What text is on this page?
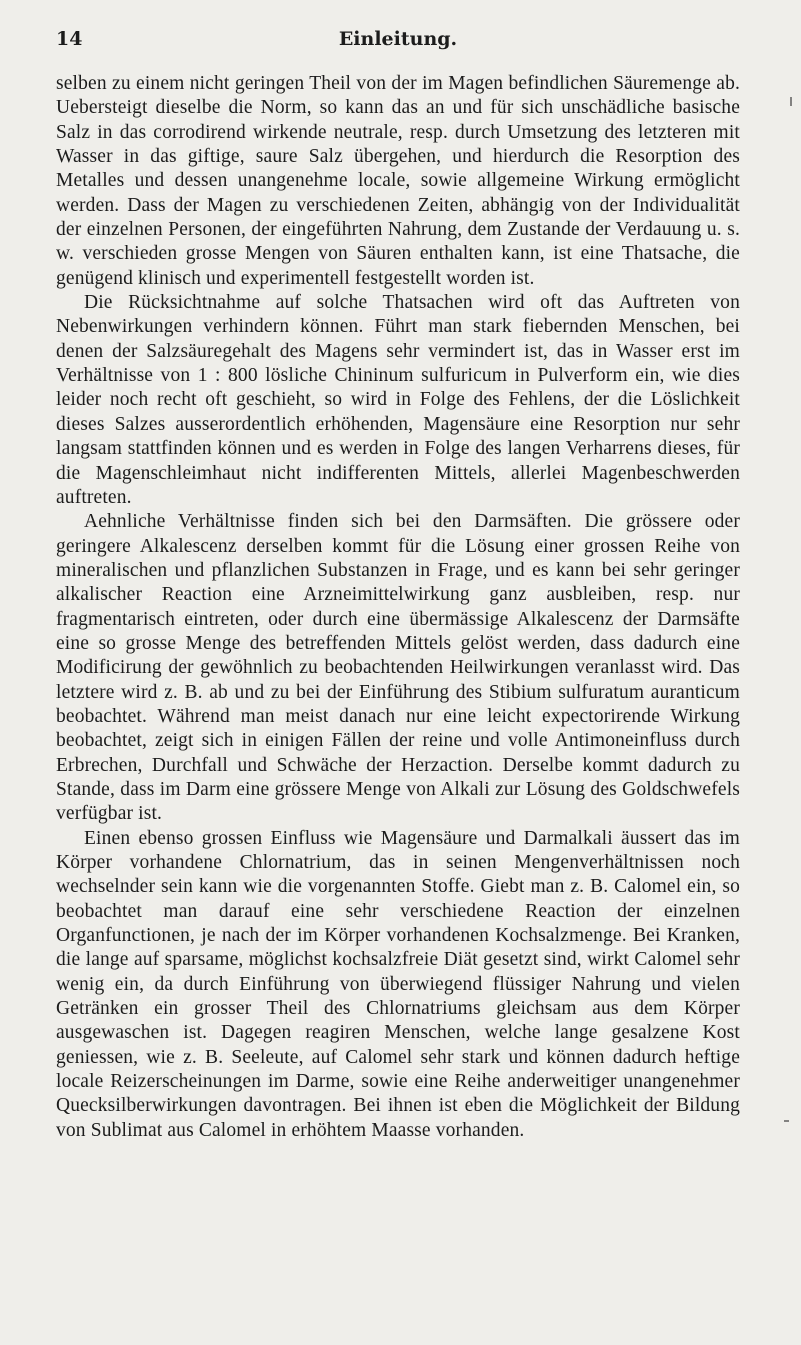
14	Einleitung.

selben zu einem nicht geringen Theil von der im Magen befindlichen Säuremenge ab. Uebersteigt dieselbe die Norm, so kann das an und für sich unschädliche basische Salz in das corrodirend wirkende neutrale, resp. durch Umsetzung des letzteren mit Wasser in das giftige, saure Salz übergehen, und hierdurch die Resorption des Metalles und dessen unangenehme locale, sowie allgemeine Wirkung ermöglicht werden. Dass der Magen zu verschiedenen Zeiten, abhängig von der Individualität der einzelnen Personen, der eingeführten Nahrung, dem Zustande der Verdauung u. s. w. verschieden grosse Mengen von Säuren enthalten kann, ist eine Thatsache, die genügend klinisch und experimentell festgestellt worden ist.

Die Rücksichtnahme auf solche Thatsachen wird oft das Auftreten von Nebenwirkungen verhindern können. Führt man stark fiebernden Menschen, bei denen der Salzsäuregehalt des Magens sehr vermindert ist, das in Wasser erst im Verhältnisse von 1 : 800 lösliche Chininum sulfuricum in Pulverform ein, wie dies leider noch recht oft geschieht, so wird in Folge des Fehlens, der die Löslichkeit dieses Salzes ausserordentlich erhöhenden, Magensäure eine Resorption nur sehr langsam stattfinden können und es werden in Folge des langen Verharrens dieses, für die Magenschleimhaut nicht indifferenten Mittels, allerlei Magenbeschwerden auftreten.

Aehnliche Verhältnisse finden sich bei den Darmsäften. Die grössere oder geringere Alkalescenz derselben kommt für die Lösung einer grossen Reihe von mineralischen und pflanzlichen Substanzen in Frage, und es kann bei sehr geringer alkalischer Reaction eine Arzneimittelwirkung ganz ausbleiben, resp. nur fragmentarisch eintreten, oder durch eine übermässige Alkalescenz der Darmsäfte eine so grosse Menge des betreffenden Mittels gelöst werden, dass dadurch eine Modificirung der gewöhnlich zu beobachtenden Heilwirkungen veranlasst wird. Das letztere wird z. B. ab und zu bei der Einführung des Stibium sulfuratum auranticum beobachtet. Während man meist danach nur eine leicht expectorirende Wirkung beobachtet, zeigt sich in einigen Fällen der reine und volle Antimoneinfluss durch Erbrechen, Durchfall und Schwäche der Herzaction. Derselbe kommt dadurch zu Stande, dass im Darm eine grössere Menge von Alkali zur Lösung des Goldschwefels verfügbar ist.

Einen ebenso grossen Einfluss wie Magensäure und Darmalkali äussert das im Körper vorhandene Chlornatrium, das in seinen Mengenverhältnissen noch wechselnder sein kann wie die vorgenannten Stoffe. Giebt man z. B. Calomel ein, so beobachtet man darauf eine sehr verschiedene Reaction der einzelnen Organfunctionen, je nach der im Körper vorhandenen Kochsalzmenge. Bei Kranken, die lange auf sparsame, möglichst kochsalzfreie Diät gesetzt sind, wirkt Calomel sehr wenig ein, da durch Einführung von überwiegend flüssiger Nahrung und vielen Getränken ein grosser Theil des Chlornatriums gleichsam aus dem Körper ausgewaschen ist. Dagegen reagiren Menschen, welche lange gesalzene Kost geniessen, wie z. B. Seeleute, auf Calomel sehr stark und können dadurch heftige locale Reizerscheinungen im Darme, sowie eine Reihe anderweitiger unangenehmer Quecksilberwirkungen davontragen. Bei ihnen ist eben die Möglichkeit der Bildung von Sublimat aus Calomel in erhöhtem Maasse vorhanden.
